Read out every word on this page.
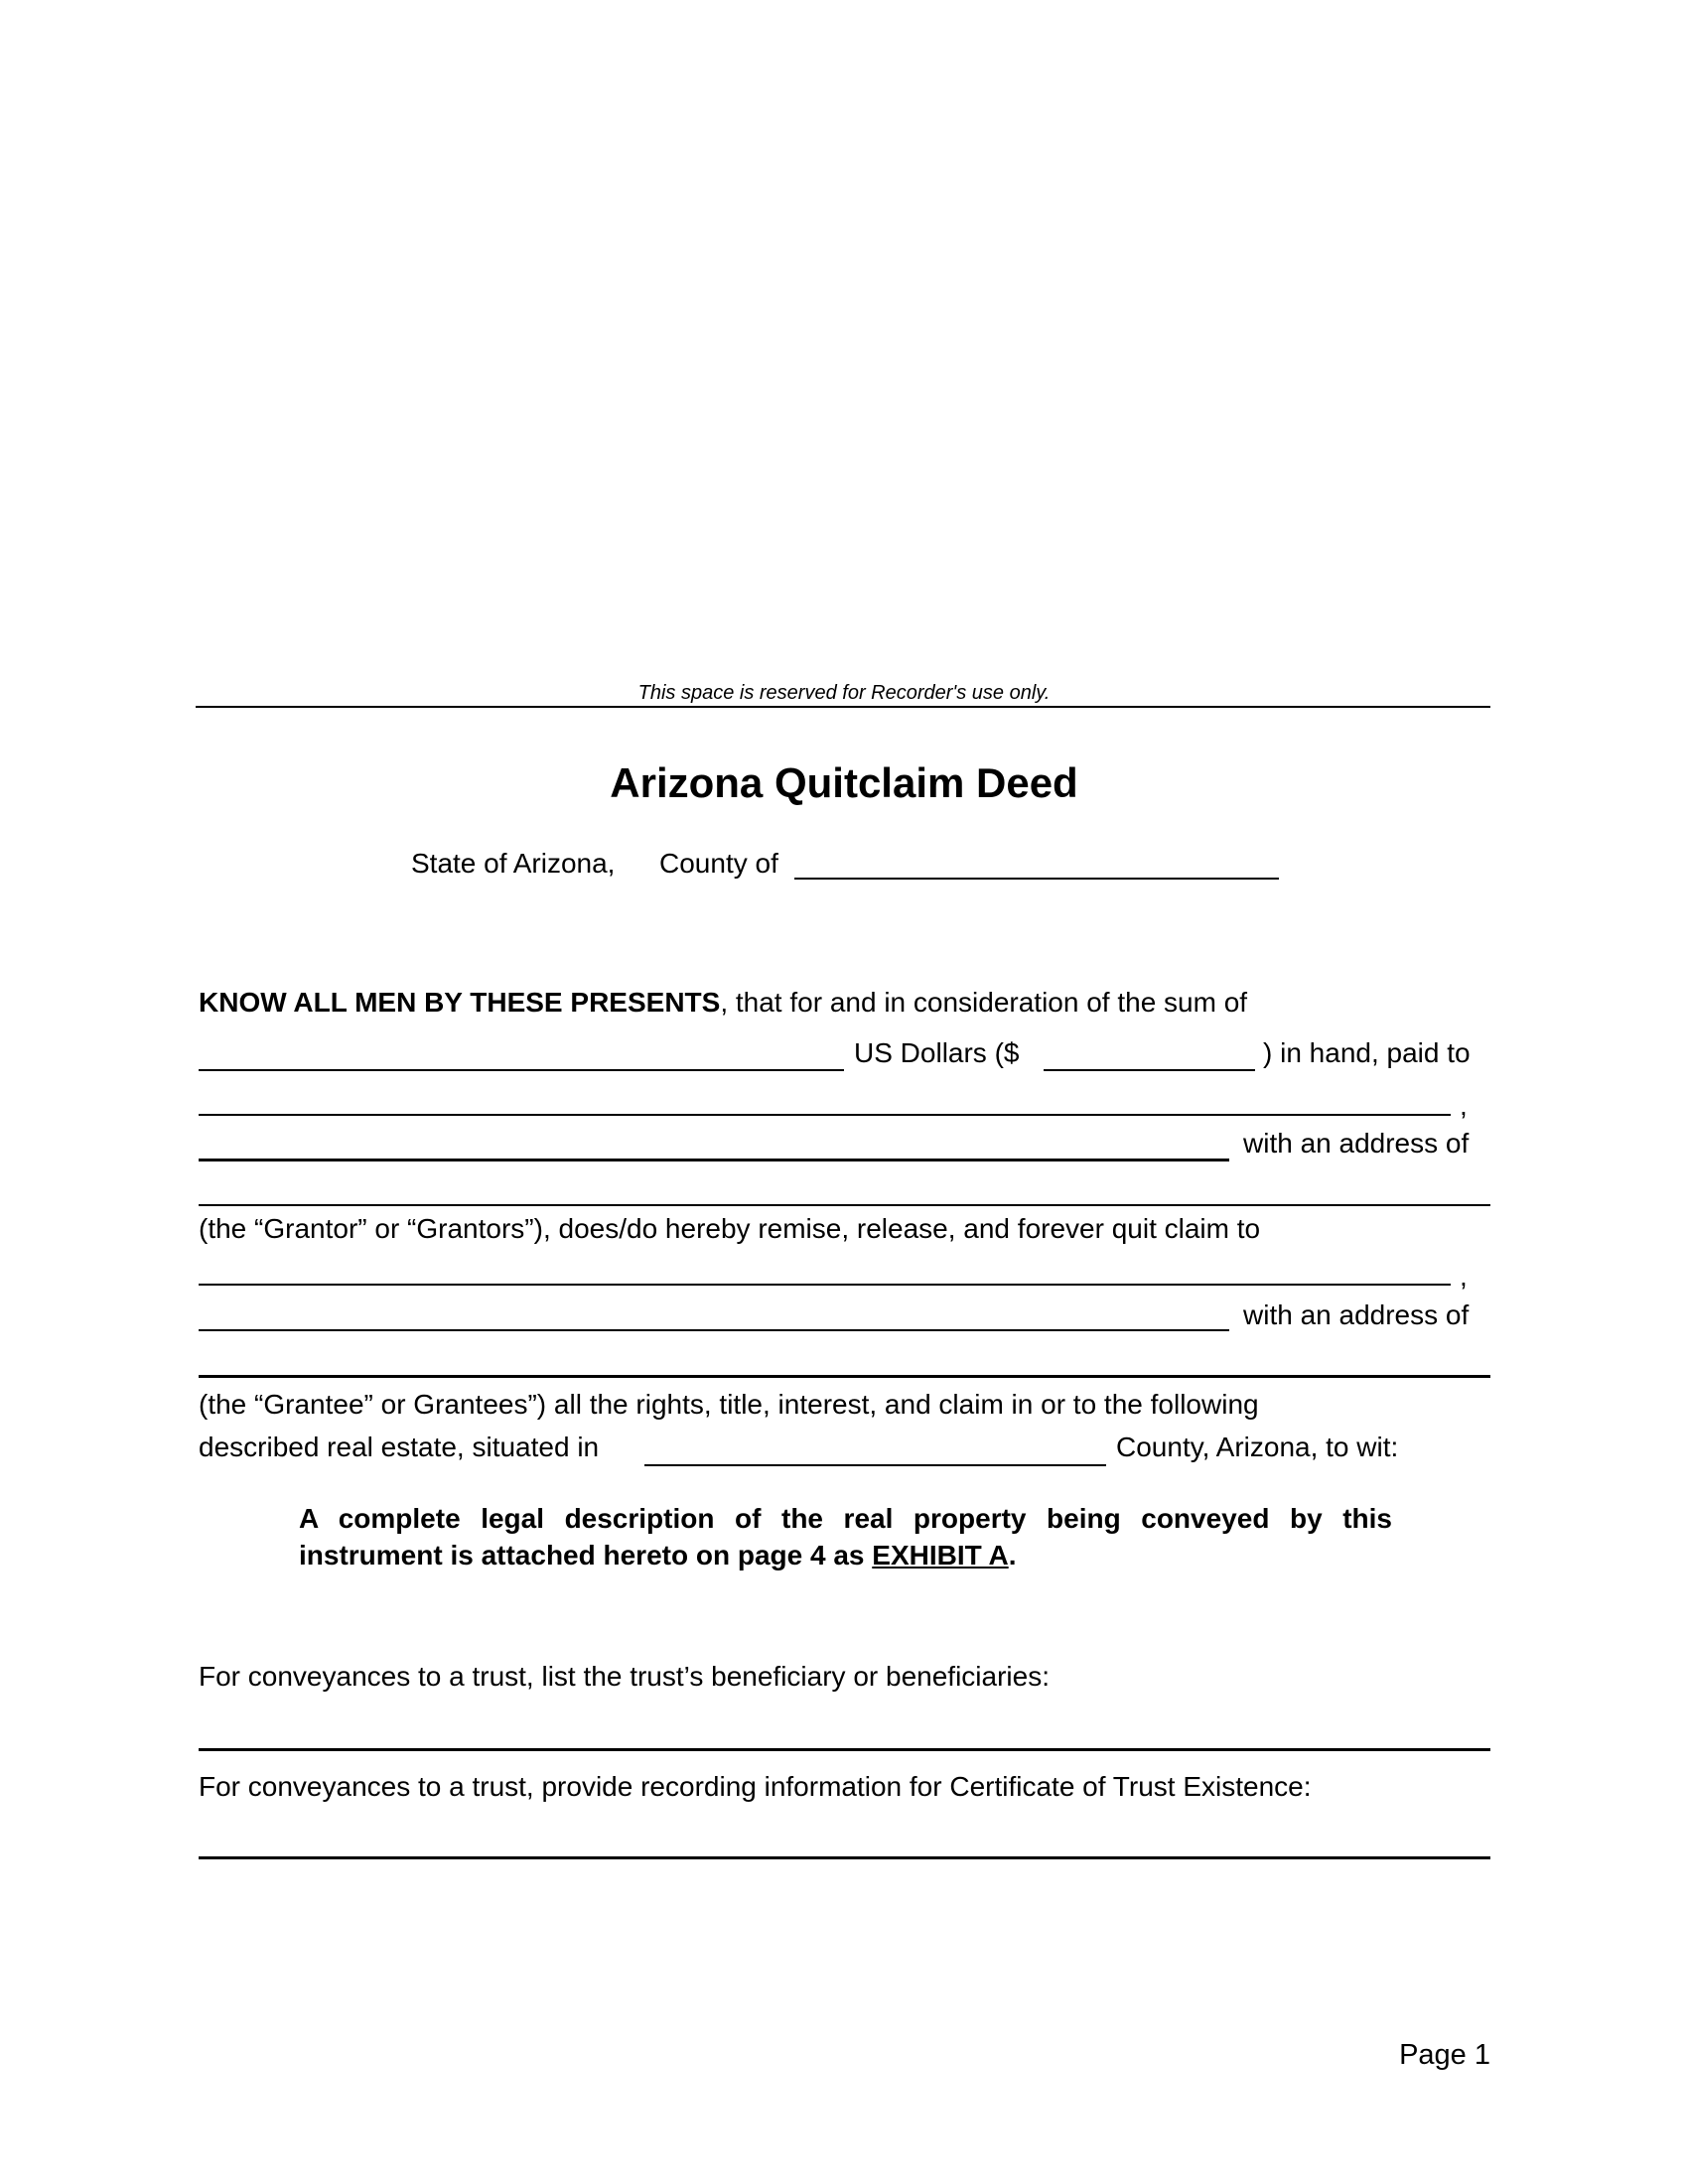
This space is reserved for Recorder's use only.
Arizona Quitclaim Deed
State of Arizona, County of
KNOW ALL MEN BY THESE PRESENTS, that for and in consideration of the sum of
US Dollars ($	) in hand, paid to
,
with an address of
(the “Grantor” or “Grantors”), does/do hereby remise, release, and forever quit claim to
,
with an address of
(the “Grantee” or Grantees”) all the rights, title, interest, and claim in or to the following
described real estate, situated in	County, Arizona, to wit:
A complete legal description of the real property being conveyed by this
instrument is attached hereto on page 4 as EXHIBIT A.
For conveyances to a trust, list the trust’s beneficiary or beneficiaries:
For conveyances to a trust, provide recording information for Certificate of Trust Existence:
Page 1
